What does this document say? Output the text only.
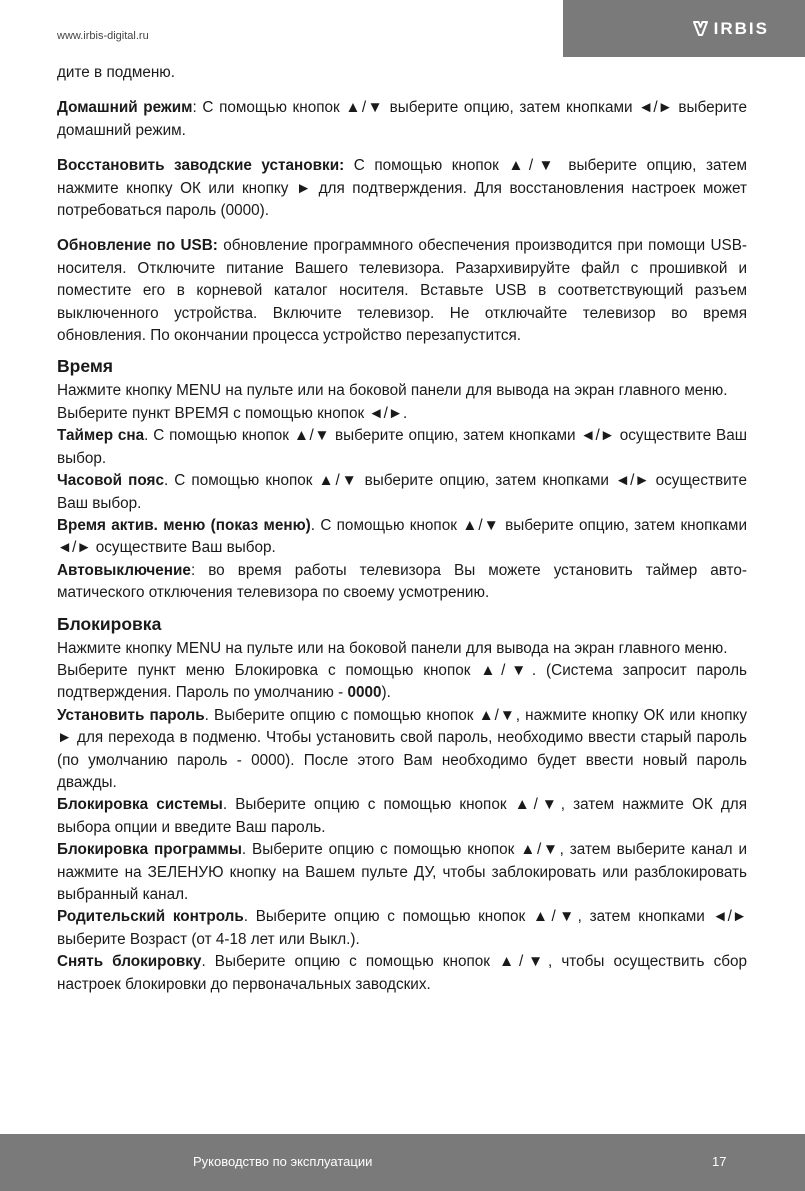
www.irbis-digital.ru	IRBIS

дите в подменю.

Домашний режим: С помощью кнопок ▲/▼ выберите опцию, затем кнопками ◄/► выберите домашний режим.

Восстановить заводские установки: С помощью кнопок ▲/▼ выберите опцию, затем нажмите кнопку ОК или кнопку ► для подтверждения. Для восстановления настроек может потребоваться пароль (0000).

Обновление по USB: обновление программного обеспечения производится при помощи USB-носителя. Отключите питание Вашего телевизора. Разархивируйте файл с прошивкой и поместите его в корневой каталог носителя. Вставьте USB в соответствующий разъем выключенного устройства. Включите телевизор. Не отключайте телевизор во время обновления. По окончании процесса устройство перезапустится.

Время

Нажмите кнопку MENU на пульте или на боковой панели для вывода на экран главного меню.

Выберите пункт ВРЕМЯ с помощью кнопок ◄/►.

Таймер сна. С помощью кнопок ▲/▼ выберите опцию, затем кнопками ◄/► осуществите Ваш выбор.

Часовой пояс. С помощью кнопок ▲/▼ выберите опцию, затем кнопками ◄/► осуществите Ваш выбор.

Время актив. меню (показ меню). С помощью кнопок ▲/▼ выберите опцию, затем кнопками ◄/► осуществите Ваш выбор.

Автовыключение: во время работы телевизора Вы можете установить таймер автоматического отключения телевизора по своему усмотрению.

Блокировка

Нажмите кнопку MENU на пульте или на боковой панели для вывода на экран главного меню.

Выберите пункт меню Блокировка с помощью кнопок ▲/▼. (Система запросит пароль подтверждения. Пароль по умолчанию - 0000).

Установить пароль. Выберите опцию с помощью кнопок ▲/▼, нажмите кнопку ОК или кнопку ► для перехода в подменю. Чтобы установить свой пароль, необходимо ввести старый пароль (по умолчанию пароль - 0000). После этого Вам необходимо будет ввести новый пароль дважды.

Блокировка системы. Выберите опцию с помощью кнопок ▲/▼, затем нажмите ОК для выбора опции и введите Ваш пароль.

Блокировка программы. Выберите опцию с помощью кнопок ▲/▼, затем выберите канал и нажмите на ЗЕЛЕНУЮ кнопку на Вашем пульте ДУ, чтобы заблокировать или разблокировать выбранный канал.

Родительский контроль. Выберите опцию с помощью кнопок ▲/▼, затем кнопками ◄/► выберите Возраст (от 4-18 лет или Выкл.).

Снять блокировку. Выберите опцию с помощью кнопок ▲/▼, чтобы осуществить сбор настроек блокировки до первоначальных заводских.

Руководство по эксплуатации	17
